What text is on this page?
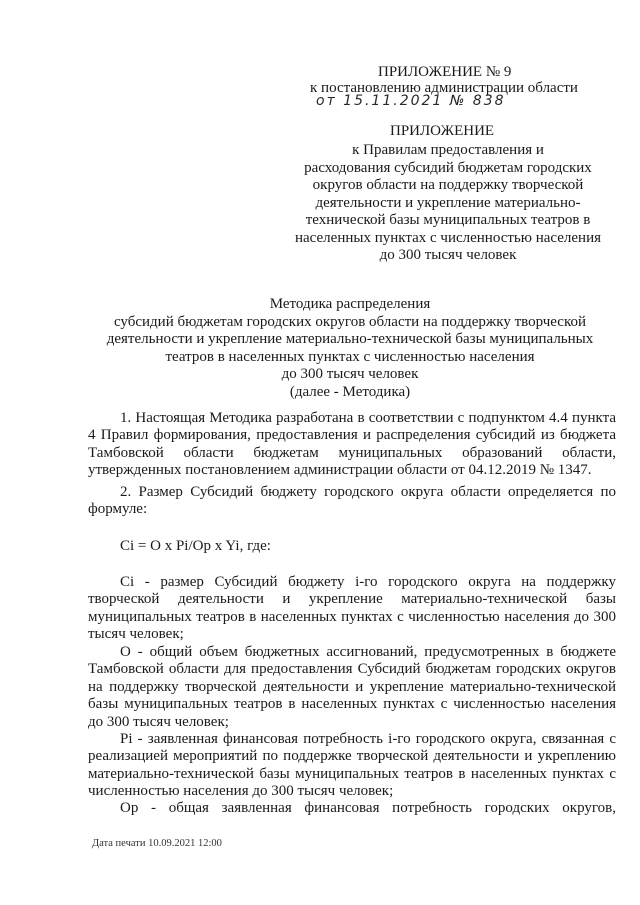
ПРИЛОЖЕНИЕ № 9
к постановлению администрации области
от 15.11.2021 № 838
ПРИЛОЖЕНИЕ
к Правилам предоставления и
расходования субсидий бюджетам городских
округов области на поддержку творческой
деятельности и укрепление материально-
технической базы муниципальных театров в
населенных пунктах с численностью населения
до 300 тысяч человек
Методика распределения
субсидий бюджетам городских округов области на поддержку творческой
деятельности и укрепление материально-технической базы муниципальных
театров в населенных пунктах с численностью населения
до 300 тысяч человек
(далее - Методика)

1. Настоящая Методика разработана в соответствии с подпунктом 4.4 пункта 4 Правил формирования, предоставления и распределения субсидий из бюджета Тамбовской области бюджетам муниципальных образований области, утвержденных постановлением администрации области от 04.12.2019 № 1347.

2. Размер Субсидий бюджету городского округа области определяется по формуле:

Ci = O x Pi/Op x Yi, где:

Ci - размер Субсидий бюджету i-го городского округа на поддержку творческой деятельности и укрепление материально-технической базы муниципальных театров в населенных пунктах с численностью населения до 300 тысяч человек;

О - общий объем бюджетных ассигнований, предусмотренных в бюджете Тамбовской области для предоставления Субсидий бюджетам городских округов на поддержку творческой деятельности и укрепление материально-технической базы муниципальных театров в населенных пунктах с численностью населения до 300 тысяч человек;

Pi - заявленная финансовая потребность i-го городского округа, связанная с реализацией мероприятий по поддержке творческой деятельности и укреплению материально-технической базы муниципальных театров в населенных пунктах с численностью населения до 300 тысяч человек;

Ор - общая заявленная финансовая потребность городских округов,

Дата печати 10.09.2021 12:00
